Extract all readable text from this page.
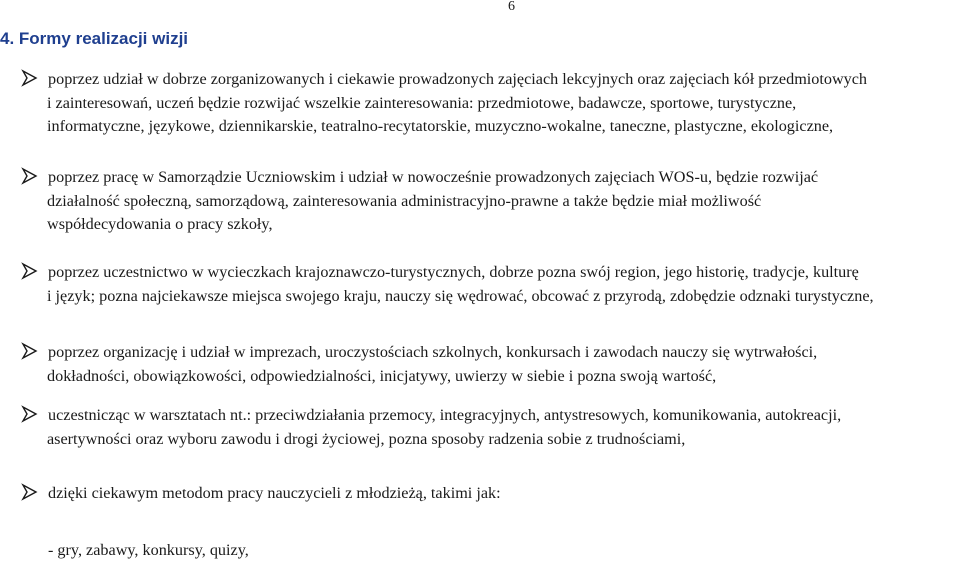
6
4. Formy realizacji wizji
poprzez udział w dobrze zorganizowanych i ciekawie prowadzonych zajęciach lekcyjnych oraz zajęciach kół przedmiotowych
i zainteresowań, uczeń będzie rozwijać wszelkie zainteresowania: przedmiotowe, badawcze, sportowe, turystyczne,
informatyczne, językowe, dziennikarskie, teatralno-recytatorskie, muzyczno-wokalne, taneczne, plastyczne, ekologiczne,
poprzez pracę w Samorządzie Uczniowskim i udział w nowocześnie prowadzonych zajęciach WOS-u, będzie rozwijać
działalność społeczną, samorządową, zainteresowania administracyjno-prawne a także będzie miał możliwość
współdecydowania o pracy szkoły,
poprzez uczestnictwo w wycieczkach krajoznawczo-turystycznych, dobrze pozna swój region, jego historię, tradycje, kulturę
i język; pozna najciekawsze miejsca swojego kraju, nauczy się wędrować, obcować z przyrodą, zdobędzie odznaki turystyczne,
poprzez organizację i udział w imprezach, uroczystościach szkolnych, konkursach i zawodach nauczy się wytrwałości,
dokładności, obowiązkowości, odpowiedzialności, inicjatywy, uwierzy w siebie i pozna swoją wartość,
uczestnicząc w warsztatach nt.: przeciwdziałania przemocy, integracyjnych, antystresowych, komunikowania, autokreacji,
asertywności oraz wyboru zawodu i drogi życiowej, pozna sposoby radzenia sobie z trudnościami,
dzięki ciekawym metodom pracy nauczycieli z młodzieżą, takimi jak:
- gry, zabawy, konkursy, quizy,
